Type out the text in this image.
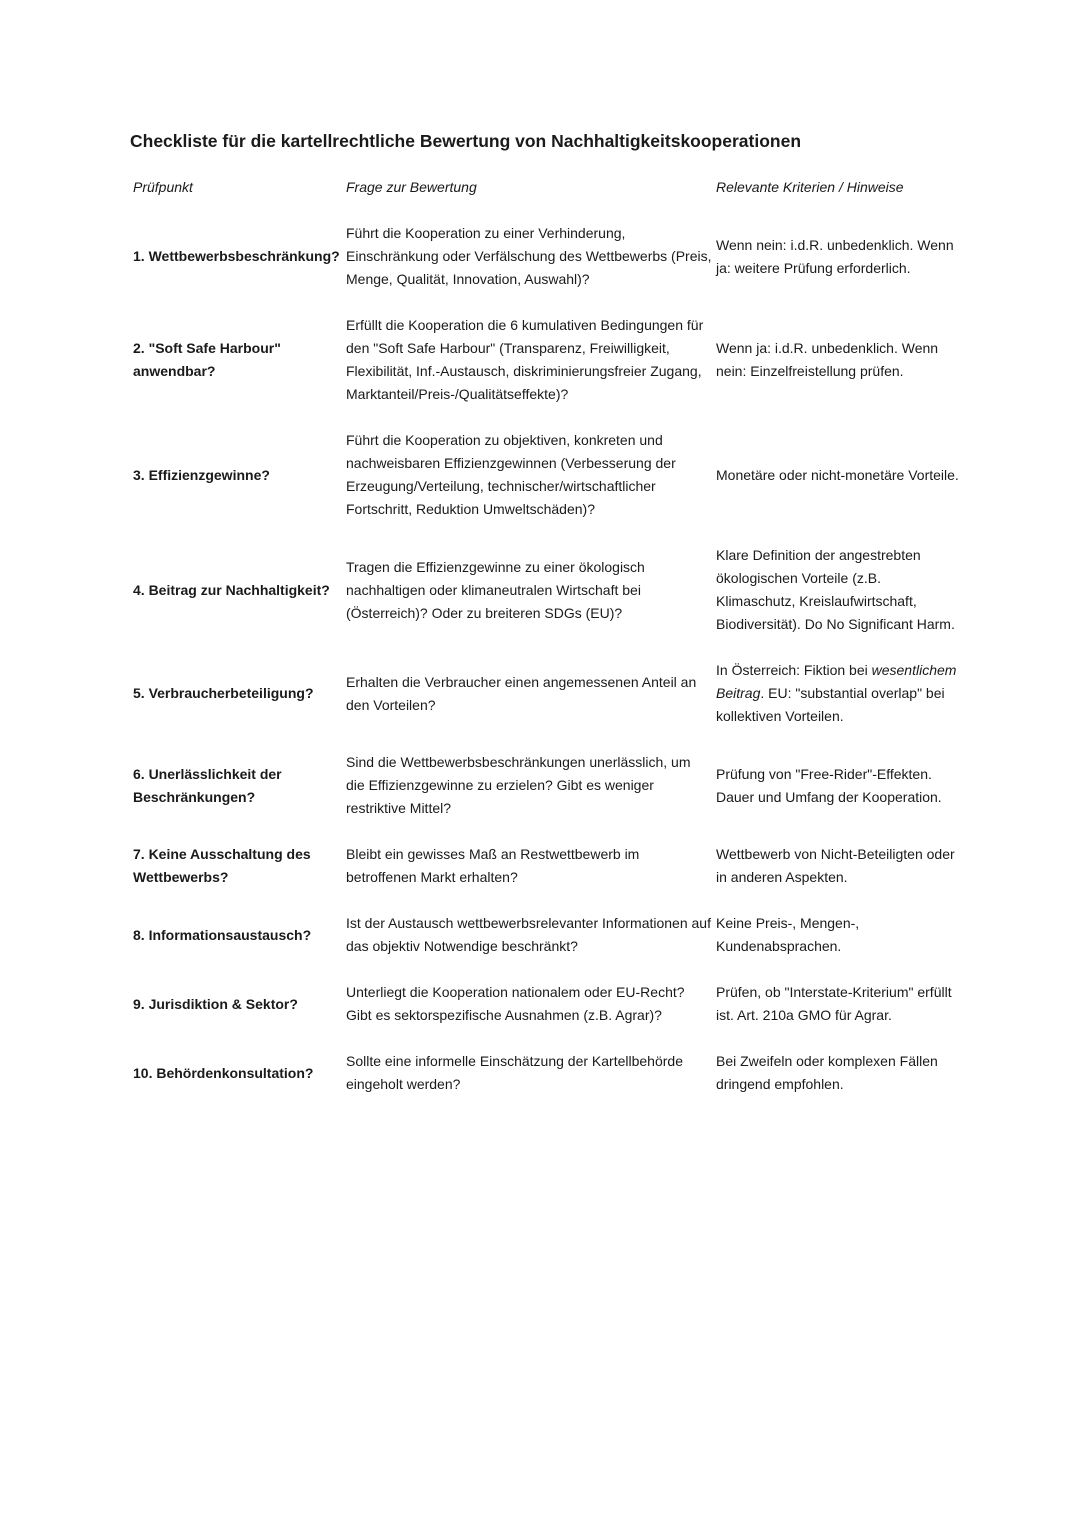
Checkliste für die kartellrechtliche Bewertung von Nachhaltigkeitskooperationen
Prüfpunkt	Frage zur Bewertung	Relevante Kriterien / Hinweise
1. Wettbewerbsbeschränkung?	Führt die Kooperation zu einer Verhinderung, Einschränkung oder Verfälschung des Wettbewerbs (Preis, Menge, Qualität, Innovation, Auswahl)?	Wenn nein: i.d.R. unbedenklich. Wenn ja: weitere Prüfung erforderlich.
2. "Soft Safe Harbour" anwendbar?	Erfüllt die Kooperation die 6 kumulativen Bedingungen für den "Soft Safe Harbour" (Transparenz, Freiwilligkeit, Flexibilität, Inf.-Austausch, diskriminierungsfreier Zugang, Marktanteil/Preis-/Qualitätseffekte)?	Wenn ja: i.d.R. unbedenklich. Wenn nein: Einzelfreistellung prüfen.
3. Effizienzgewinne?	Führt die Kooperation zu objektiven, konkreten und nachweisbaren Effizienzgewinnen (Verbesserung der Erzeugung/Verteilung, technischer/wirtschaftlicher Fortschritt, Reduktion Umweltschäden)?	Monetäre oder nicht-monetäre Vorteile.
4. Beitrag zur Nachhaltigkeit?	Tragen die Effizienzgewinne zu einer ökologisch nachhaltigen oder klimaneutralen Wirtschaft bei (Österreich)? Oder zu breiteren SDGs (EU)?	Klare Definition der angestrebten ökologischen Vorteile (z.B. Klimaschutz, Kreislaufwirtschaft, Biodiversität). Do No Significant Harm.
5. Verbraucherbeteiligung?	Erhalten die Verbraucher einen angemessenen Anteil an den Vorteilen?	In Österreich: Fiktion bei wesentlichem Beitrag. EU: "substantial overlap" bei kollektiven Vorteilen.
6. Unerlässlichkeit der Beschränkungen?	Sind die Wettbewerbsbeschränkungen unerlässlich, um die Effizienzgewinne zu erzielen? Gibt es weniger restriktive Mittel?	Prüfung von "Free-Rider"-Effekten. Dauer und Umfang der Kooperation.
7. Keine Ausschaltung des Wettbewerbs?	Bleibt ein gewisses Maß an Restwettbewerb im betroffenen Markt erhalten?	Wettbewerb von Nicht-Beteiligten oder in anderen Aspekten.
8. Informationsaustausch?	Ist der Austausch wettbewerbsrelevanter Informationen auf das objektiv Notwendige beschränkt?	Keine Preis-, Mengen-, Kundenabsprachen.
9. Jurisdiktion & Sektor?	Unterliegt die Kooperation nationalem oder EU-Recht? Gibt es sektorspezifische Ausnahmen (z.B. Agrar)?	Prüfen, ob "Interstate-Kriterium" erfüllt ist. Art. 210a GMO für Agrar.
10. Behördenkonsultation?	Sollte eine informelle Einschätzung der Kartellbehörde eingeholt werden?	Bei Zweifeln oder komplexen Fällen dringend empfohlen.
